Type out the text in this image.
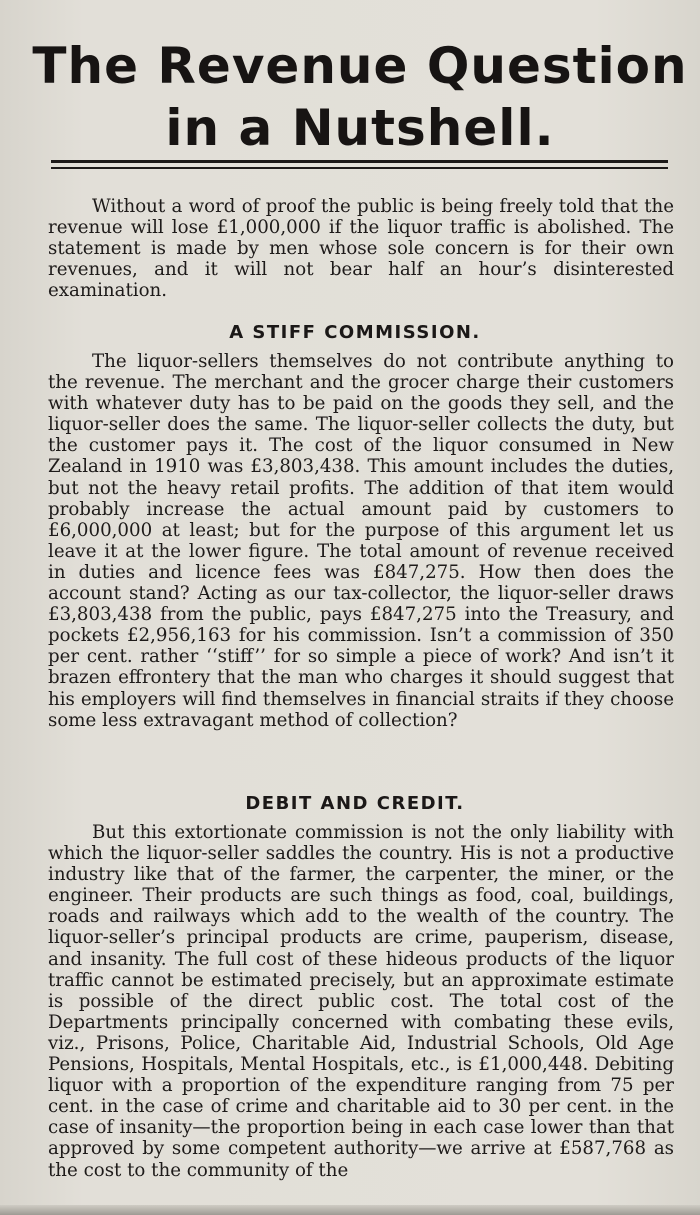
The Revenue Question
in a Nutshell.

Without a word of proof the public is being freely told that the revenue will lose £1,000,000 if the liquor traffic is abolished. The statement is made by men whose sole concern is for their own revenues, and it will not bear half an hour’s disinterested examination.

A STIFF COMMISSION.

The liquor-sellers themselves do not contribute anything to the revenue. The merchant and the grocer charge their customers with whatever duty has to be paid on the goods they sell, and the liquor-seller does the same. The liquor-seller collects the duty, but the customer pays it. The cost of the liquor consumed in New Zealand in 1910 was £3,803,438. This amount includes the duties, but not the heavy retail profits. The addition of that item would probably increase the actual amount paid by customers to £6,000,000 at least; but for the purpose of this argument let us leave it at the lower figure. The total amount of revenue received in duties and licence fees was £847,275. How then does the account stand? Acting as our tax-collector, the liquor-seller draws £3,803,438 from the public, pays £847,275 into the Treasury, and pockets £2,956,163 for his commission. Isn’t a commission of 350 per cent. rather ‘‘stiff’’ for so simple a piece of work? And isn’t it brazen effrontery that the man who charges it should suggest that his employers will find themselves in financial straits if they choose some less extravagant method of collection?

DEBIT AND CREDIT.

But this extortionate commission is not the only liability with which the liquor-seller saddles the country. His is not a productive industry like that of the farmer, the carpenter, the miner, or the engineer. Their products are such things as food, coal, buildings, roads and railways which add to the wealth of the country. The liquor-seller’s principal products are crime, pauperism, disease, and insanity. The full cost of these hideous products of the liquor traffic cannot be estimated precisely, but an approximate estimate is possible of the direct public cost. The total cost of the Departments principally concerned with combating these evils, viz., Prisons, Police, Charitable Aid, Industrial Schools, Old Age Pensions, Hospitals, Mental Hospitals, etc., is £1,000,448. Debiting liquor with a proportion of the expenditure ranging from 75 per cent. in the case of crime and charitable aid to 30 per cent. in the case of insanity—the proportion being in each case lower than that approved by some competent authority—we arrive at £587,768 as the cost to the community of the
